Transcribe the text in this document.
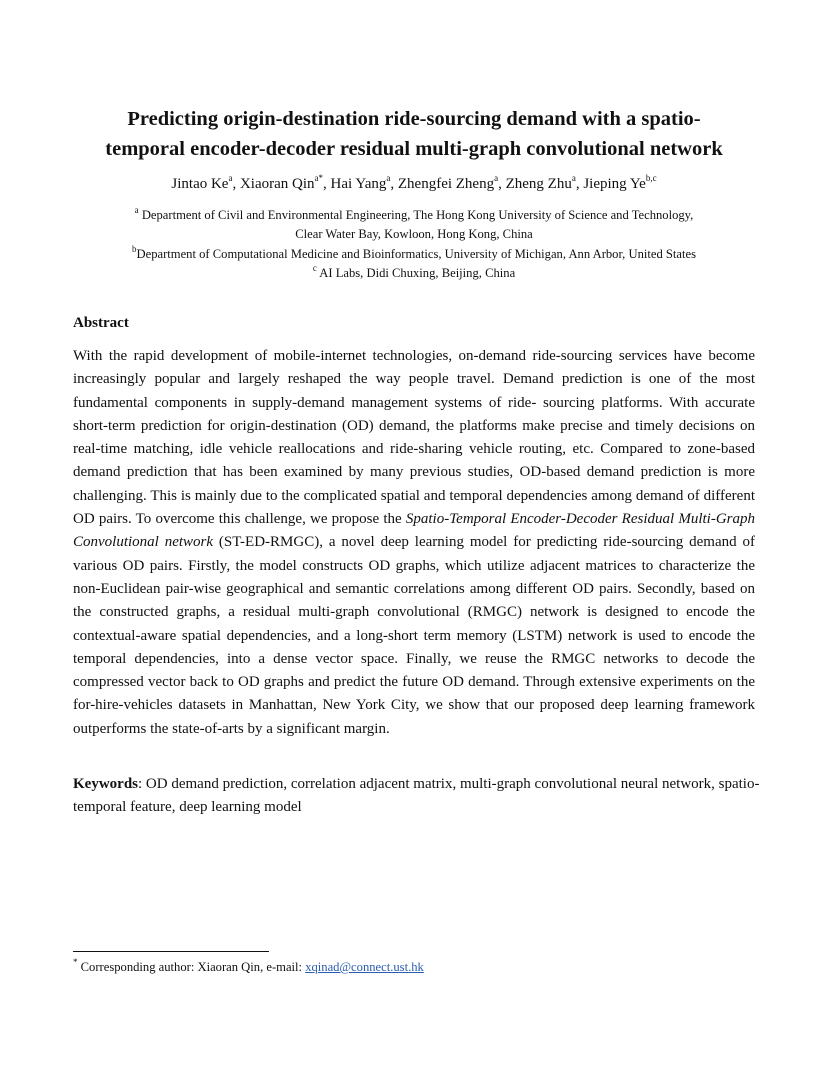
Predicting origin-destination ride-sourcing demand with a spatio-
temporal encoder-decoder residual multi-graph convolutional network

Jintao Ke$^a$, Xiaoran Qin$^{a*}$, Hai Yang$^a$, Zhengfei Zheng$^a$, Zheng Zhu$^a$, Jieping Ye$^{b,c}$

$^a$ Department of Civil and Environmental Engineering, The Hong Kong University of Science and Technology,
Clear Water Bay, Kowloon, Hong Kong, China

$^b$Department of Computational Medicine and Bioinformatics, University of Michigan, Ann Arbor, United States

$^c$ AI Labs, Didi Chuxing, Beijing, China

Abstract

With the rapid development of mobile-internet technologies, on-demand ride-sourcing services have become increasingly popular and largely reshaped the way people travel. Demand prediction is one of the most fundamental components in supply-demand management systems of ride- sourcing platforms. With accurate short-term prediction for origin-destination (OD) demand, the platforms make precise and timely decisions on real-time matching, idle vehicle reallocations and ride-sharing vehicle routing, etc. Compared to zone-based demand prediction that has been examined by many previous studies, OD-based demand prediction is more challenging. This is mainly due to the complicated spatial and temporal dependencies among demand of different OD pairs. To overcome this challenge, we propose the Spatio-Temporal Encoder-Decoder Residual Multi-Graph Convolutional network (ST-ED-RMGC), a novel deep learning model for predicting ride-sourcing demand of various OD pairs. Firstly, the model constructs OD graphs, which utilize adjacent matrices to characterize the non-Euclidean pair-wise geographical and semantic correlations among different OD pairs. Secondly, based on the constructed graphs, a residual multi-graph convolutional (RMGC) network is designed to encode the contextual-aware spatial dependencies, and a long-short term memory (LSTM) network is used to encode the temporal dependencies, into a dense vector space. Finally, we reuse the RMGC networks to decode the compressed vector back to OD graphs and predict the future OD demand. Through extensive experiments on the for-hire-vehicles datasets in Manhattan, New York City, we show that our proposed deep learning framework outperforms the state-of-arts by a significant margin.

Keywords: OD demand prediction, correlation adjacent matrix, multi-graph convolutional neural network, spatio-temporal feature, deep learning model

* Corresponding author: Xiaoran Qin, e-mail: xqinad@connect.ust.hk
